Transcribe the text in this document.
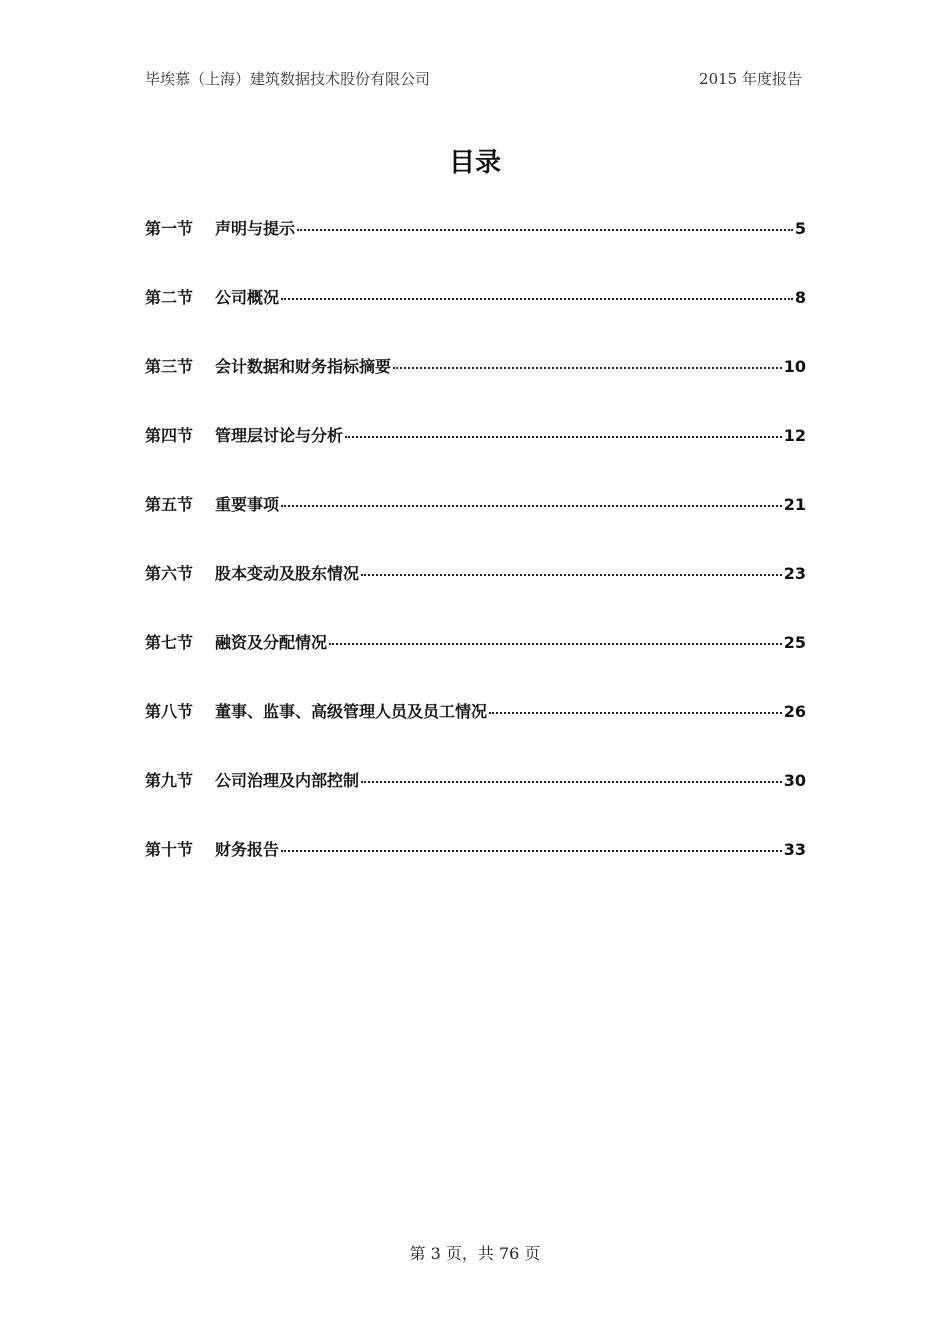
毕埃慕（上海）建筑数据技术股份有限公司	2015 年度报告
目录
第一节	声明与提示	5
第二节	公司概况	8
第三节	会计数据和财务指标摘要	10
第四节	管理层讨论与分析	12
第五节	重要事项	21
第六节	股本变动及股东情况	23
第七节	融资及分配情况	25
第八节	董事、监事、高级管理人员及员工情况	26
第九节	公司治理及内部控制	30
第十节	财务报告	33
第 3 页，共 76 页
